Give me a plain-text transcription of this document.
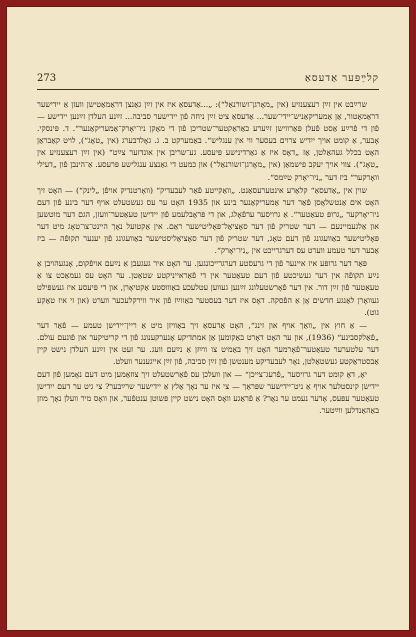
273	קלײַפּער אַדעסאַ

שרײַבט אין זײַן רעצענזיע (אין „מאָרגן־זשורנאַל“): „...אַדעסאַ איז אין זײַן גאַנצן דראַמאַטישן וועזן אַ יידישער דראַמאַטור, אַן אַמעריקאַניש־יידי־שער... אַדעסאַ ציט זײַן ניחה פֿון יידישער סביבה... זײַנע העלדן זײַנען יידישע — פֿון די פֿרײַע אַסט פֿעלן פּאַרווישן זײַערע כאַראַקטער־שטריכן פֿון די מאָקן ניו־יאָרק־אַמעריקאַנער“. ד. פּינסקי. אָבער, אַ קומט אויך ייִדיש צרוים בעסער ווי אין ענגליש“. באַמערקט ב. ג. גאָלדבערג (אין „טאָג“), לויט קאַבראַן האָט בכלל געהאַלטן, אַז „דאָס איז אַ גאַרדינישע פּיעסע. גע־שריבן אין אונדזער צײַט“ (אין זײַן רעצענזיע אין „טאָג“). צווי אויך יעקב פישמאַן (אין „מאָרגן־זשורנאַל“) און כמעט די גאַנצע ענגלישע פּרעסע. אַ־הינבן פֿון „דעילי וואָרקער“ ביז דער „ניו־יאָרק טײַמס“.

שוין אין „אַדעסאַ“ קלאַרע אינטערעסאַנט. „וואַקייטע פֿאַר לעבעדיק“ (וואָרטנדיק אויפֿן „לינק“) — האָט זיך האָט אים אַנטשלאָסן פֿאַר דער אַמעריקאַנער בינע און 1935 האָט ער עס געשטעלט אויף דער בינע פֿון דעם ניו־יאָרקער „גרופּ טעאַטער“. אַ גרויסער ערפֿאָלג, און די פּראָבלעמע פֿון יידישן טעאַטער־וועזן, הגם דער מוטשען און אַלגעמיינעם — דער שטריק פֿון דער סאָציאַל־פּאָליטישער ראַם. אין אַקטועל נאָך היינט־צו־טאָג מיט דער פּאָליטישער באַוועגונג פֿון דעם טאָג, דער שטריק פֿון דער סאָציאַליסטישער באַוועגונג פֿון יענער תקופֿה — ביז אַבער דער טעמע ווערט עס דערגרייכט אין „ניו־יאָרק“.

פּאַר דער גרופּע איז איינער פֿון די גרעסטע דערגרייכונגען. ער האָט איר געגעבן אַ נײַעם אויפֿקום, אָנגעהויבן אַ נײַע תקופֿה אין דער געשיכטע פֿון דעם טעאַטער אין די פֿאַראייניקטע שטאַטן. ער האָט עס געמאַכט צו אַ טעאַטער פֿון זײַן דור. אין דער פֿאָרשטעלונג זײַנען געווען עטלעכע באַוווּסטע אַקטיאָרן, און די פּיעסע איז געשפּילט געוואָרן לאַנגע חדשים אָן אַ הפֿסקה. דאָס איז דער בעסטער באַווײַז פֿון איר ווירקלעכער ווערט (און זי איז טאַקע גוט).

— אַ חוץ אין „וואַך אויף און זינג“, האָט אַדעסאַ זיך באַוויזן מיט אַ ריין־יידישן טעמע — פֿאַר דער „פֿאַלקסבינע“ (1936), און ער האָט דאָרט באַקומען אַן אמתדיקע אָנערקענונג פֿון די קריטיקער און פֿונעם עולם. דער עלטערער טעאַטער־פֿאָרמער האָט זיך באַמיט צו ווײַזן אַ נײַעם וועג. ער זעט אין זײַנע העלדן נישט קיין אַבסטראַקטע געשטאַלטן, נאָר לעבעדיקע מענטשן פֿון זײַן סביבה, פֿון זײַן אייגענער וועלט.

יאָ, דאָ קומט דער גרויסער „פֿרעג־צייכן“ — און וועלכן עס פֿאַרשטעלט זיך צוזאַמען מיט דעם נאָמען פֿון דעם יידישן קינסטלער אויף אַ ניט־יידישער שפּראַך — צי איז ער נאָך אַלץ אַ יידישער שרײַבער? צי גיט ער דעם ייִדישן טעאַטער עפּעס, אָדער נעמט ער נאָר? אַ פֿראַגע וואָס האָט נישט קיין פּשוטן ענטפֿער, און וואָס מיר וועלן נאָך מוזן באַהאַנדלען ווײַטער.
